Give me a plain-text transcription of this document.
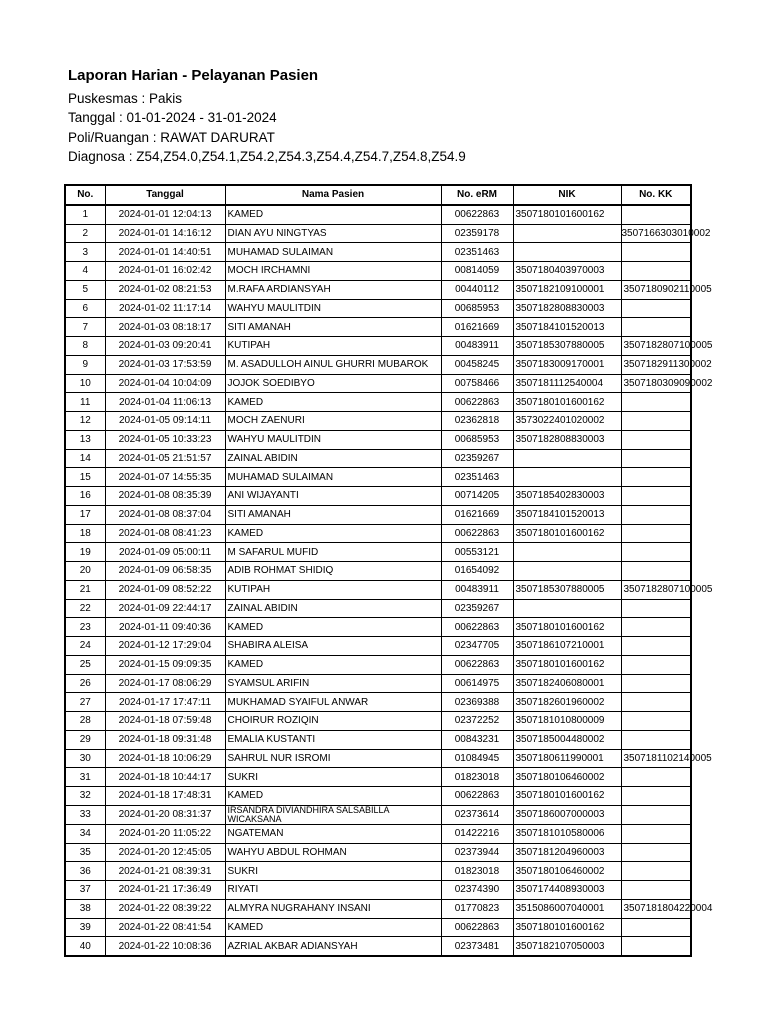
Laporan Harian - Pelayanan Pasien
Puskesmas : Pakis
Tanggal : 01-01-2024 - 31-01-2024
Poli/Ruangan : RAWAT DARURAT
Diagnosa : Z54,Z54.0,Z54.1,Z54.2,Z54.3,Z54.4,Z54.7,Z54.8,Z54.9
No.	Tanggal	Nama Pasien	No. eRM	NIK	No. KK
1	2024-01-01 12:04:13	KAMED	00622863	3507180101600162	
2	2024-01-01 14:16:12	DIAN AYU NINGTYAS	02359178		3507166303010002
3	2024-01-01 14:40:51	MUHAMAD SULAIMAN	02351463		
4	2024-01-01 16:02:42	MOCH IRCHAMNI	00814059	3507180403970003	
5	2024-01-02 08:21:53	M.RAFA ARDIANSYAH	00440112	3507182109100001	3507180902110005
6	2024-01-02 11:17:14	WAHYU MAULITDIN	00685953	3507182808830003	
7	2024-01-03 08:18:17	SITI AMANAH	01621669	3507184101520013	
8	2024-01-03 09:20:41	KUTIPAH	00483911	3507185307880005	3507182807100005
9	2024-01-03 17:53:59	M. ASADULLOH AINUL GHURRI MUBAROK	00458245	3507183009170001	3507182911300002
10	2024-01-04 10:04:09	JOJOK SOEDIBYO	00758466	3507181112540004	3507180309090002
11	2024-01-04 11:06:13	KAMED	00622863	3507180101600162	
12	2024-01-05 09:14:11	MOCH ZAENURI	02362818	3573022401020002	
13	2024-01-05 10:33:23	WAHYU MAULITDIN	00685953	3507182808830003	
14	2024-01-05 21:51:57	ZAINAL ABIDIN	02359267		
15	2024-01-07 14:55:35	MUHAMAD SULAIMAN	02351463		
16	2024-01-08 08:35:39	ANI WIJAYANTI	00714205	3507185402830003	
17	2024-01-08 08:37:04	SITI AMANAH	01621669	3507184101520013	
18	2024-01-08 08:41:23	KAMED	00622863	3507180101600162	
19	2024-01-09 05:00:11	M SAFARUL MUFID	00553121		
20	2024-01-09 06:58:35	ADIB ROHMAT SHIDIQ	01654092		
21	2024-01-09 08:52:22	KUTIPAH	00483911	3507185307880005	3507182807100005
22	2024-01-09 22:44:17	ZAINAL ABIDIN	02359267		
23	2024-01-11 09:40:36	KAMED	00622863	3507180101600162	
24	2024-01-12 17:29:04	SHABIRA ALEISA	02347705	3507186107210001	
25	2024-01-15 09:09:35	KAMED	00622863	3507180101600162	
26	2024-01-17 08:06:29	SYAMSUL ARIFIN	00614975	3507182406080001	
27	2024-01-17 17:47:11	MUKHAMAD SYAIFUL ANWAR	02369388	3507182601960002	
28	2024-01-18 07:59:48	CHOIRUR ROZIQIN	02372252	3507181010800009	
29	2024-01-18 09:31:48	EMALIA KUSTANTI	00843231	3507185004480002	
30	2024-01-18 10:06:29	SAHRUL NUR ISROMI	01084945	3507180611990001	3507181102140005
31	2024-01-18 10:44:17	SUKRI	01823018	3507180106460002	
32	2024-01-18 17:48:31	KAMED	00622863	3507180101600162	
33	2024-01-20 08:31:37	IRSANDRA DIVIANDHIRA SALSABILLA WICAKSANA	02373614	3507186007000003	
34	2024-01-20 11:05:22	NGATEMAN	01422216	3507181010580006	
35	2024-01-20 12:45:05	WAHYU ABDUL ROHMAN	02373944	3507181204960003	
36	2024-01-21 08:39:31	SUKRI	01823018	3507180106460002	
37	2024-01-21 17:36:49	RIYATI	02374390	3507174408930003	
38	2024-01-22 08:39:22	ALMYRA NUGRAHANY INSANI	01770823	3515086007040001	3507181804220004
39	2024-01-22 08:41:54	KAMED	00622863	3507180101600162	
40	2024-01-22 10:08:36	AZRIAL AKBAR ADIANSYAH	02373481	3507182107050003	
